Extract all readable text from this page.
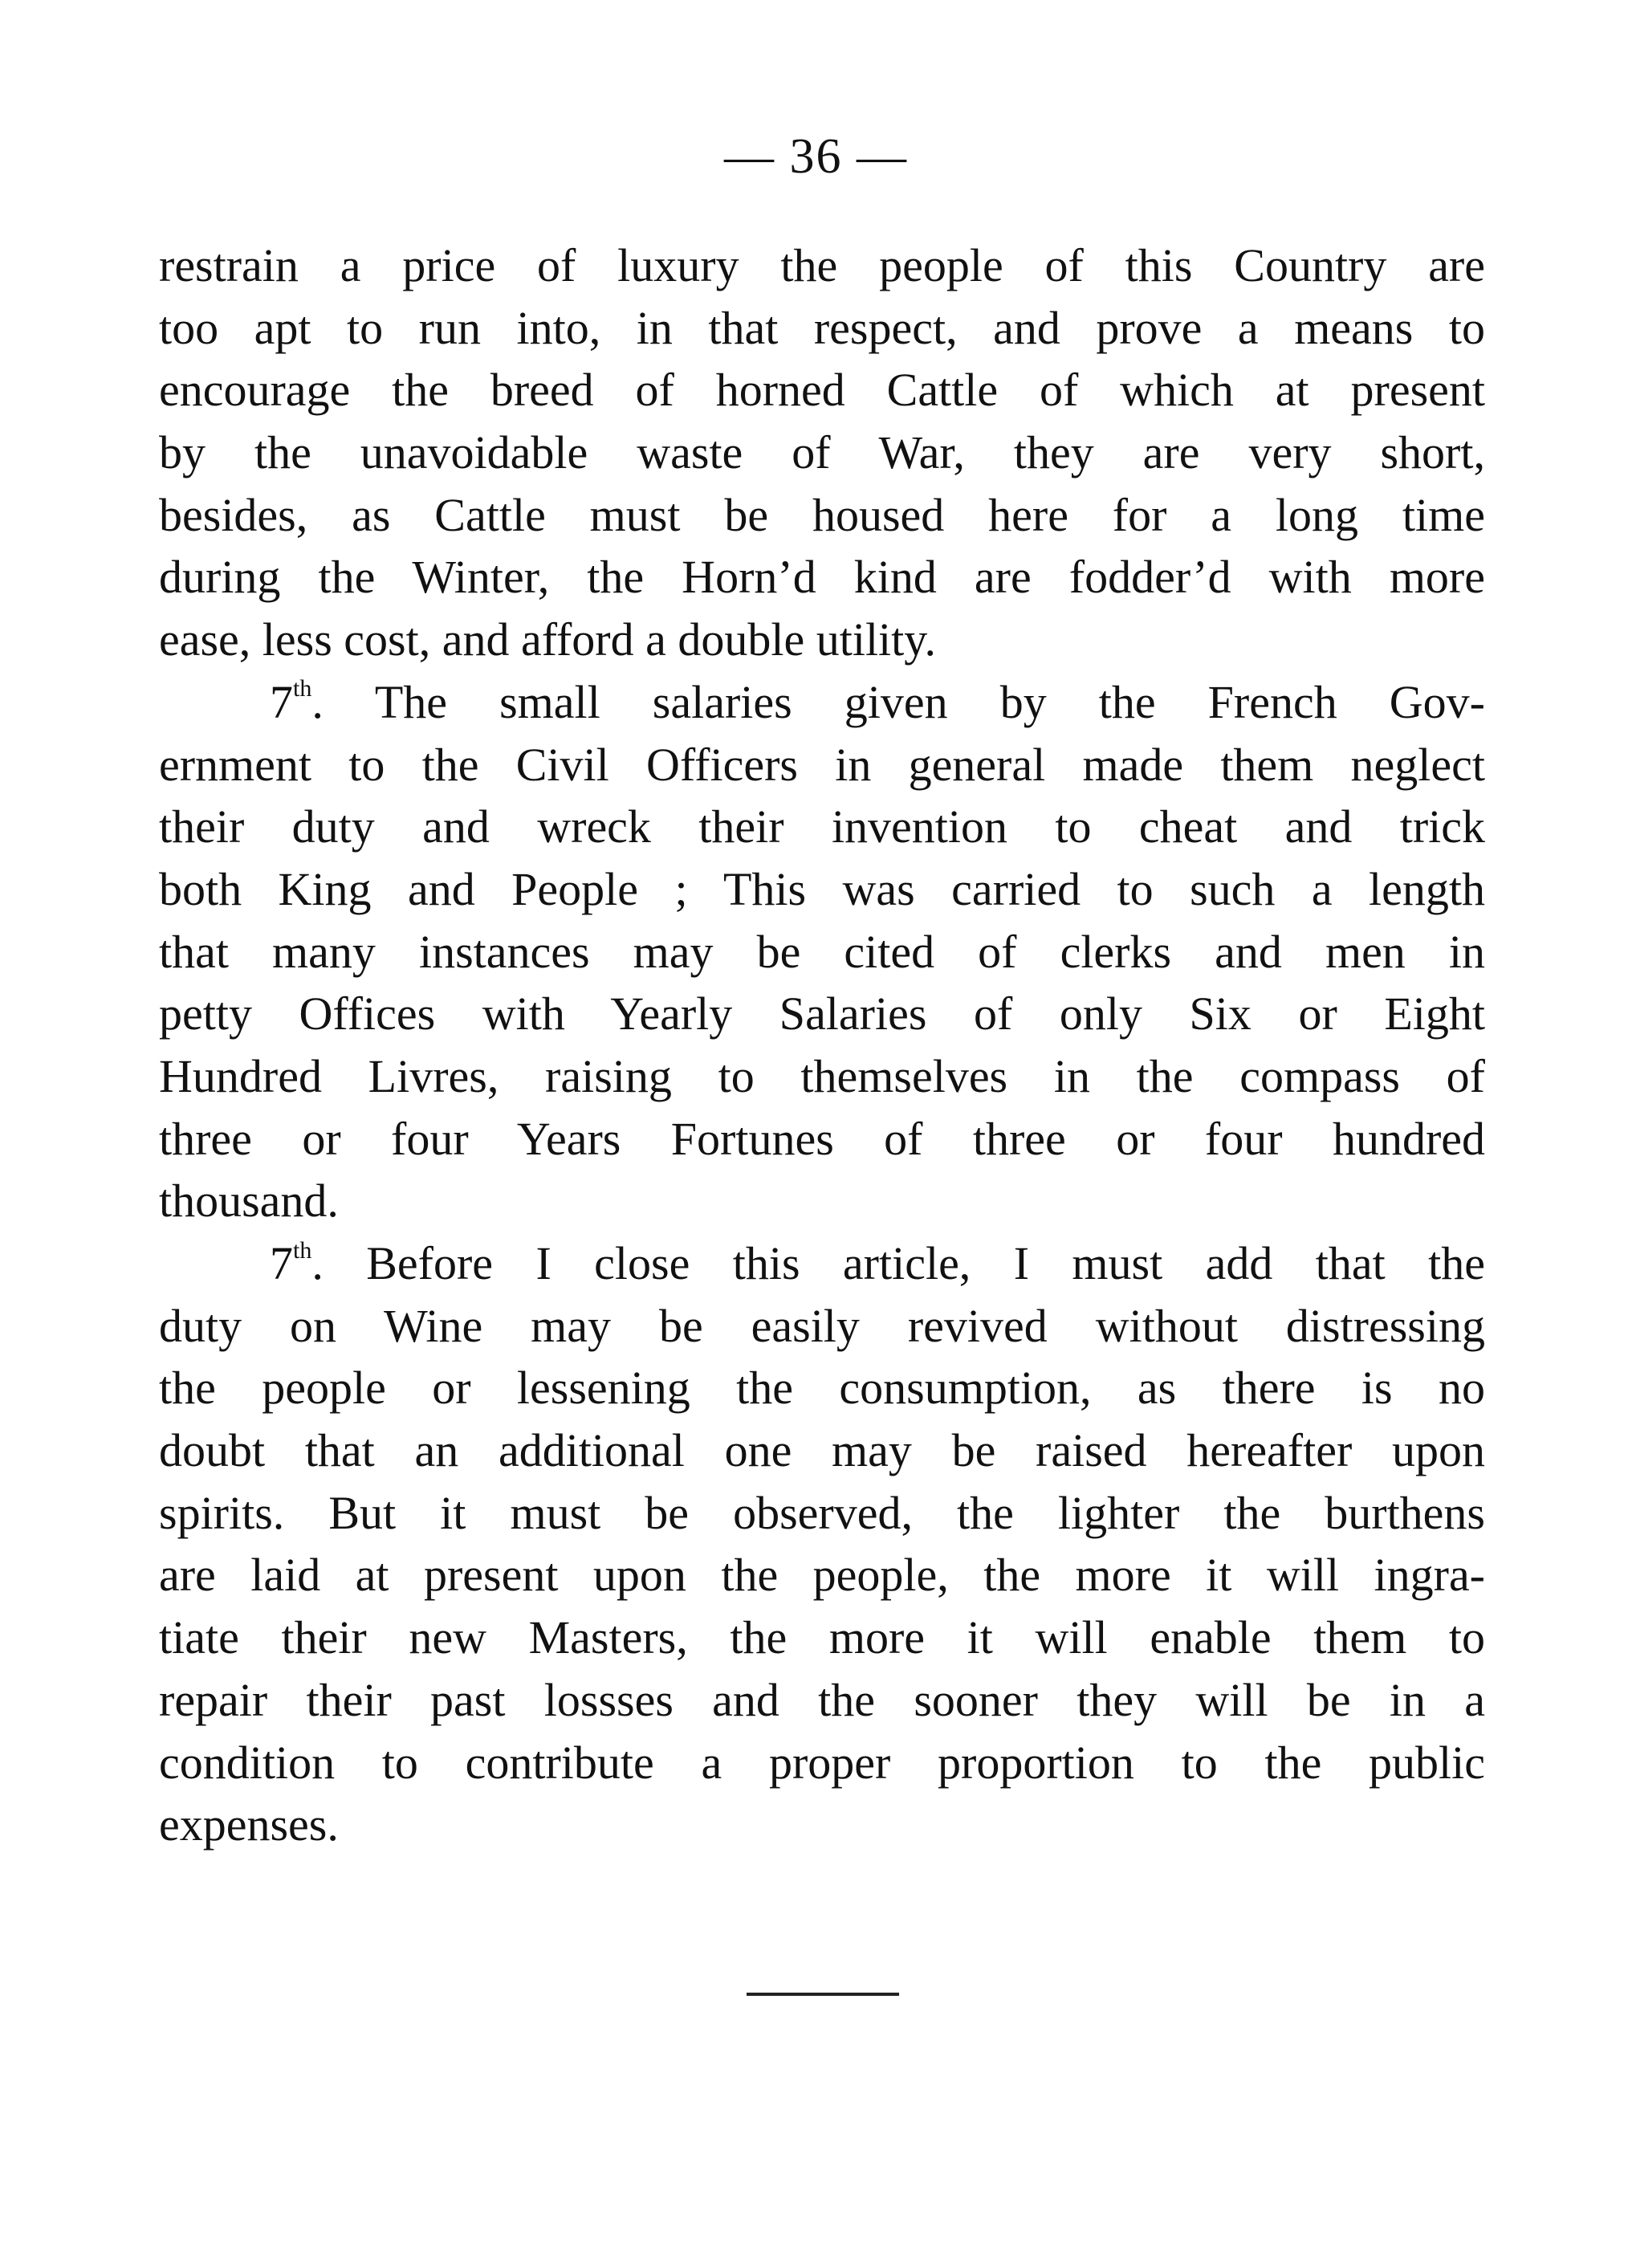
— 36 —
restrain a price of luxury the people of this Country are
too apt to run into, in that respect, and prove a means to
encourage the breed of horned Cattle of which at present
by the unavoidable waste of War, they are very short,
besides, as Cattle must be housed here for a long time
during the Winter, the Horn’d kind are fodder’d with more
ease, less cost, and afford a double utility.
7th. The small salaries given by the French Gov-
ernment to the Civil Officers in general made them neglect
their duty and wreck their invention to cheat and trick
both King and People ; This was carried to such a length
that many instances may be cited of clerks and men in
petty Offices with Yearly Salaries of only Six or Eight
Hundred Livres, raising to themselves in the compass of
three or four Years Fortunes of three or four hundred
thousand.
7th. Before I close this article, I must add that the
duty on Wine may be easily revived without distressing
the people or lessening the consumption, as there is no
doubt that an additional one may be raised hereafter upon
spirits. But it must be observed, the lighter the burthens
are laid at present upon the people, the more it will ingra-
tiate their new Masters, the more it will enable them to
repair their past lossses and the sooner they will be in a
condition to contribute a proper proportion to the public
expenses.
